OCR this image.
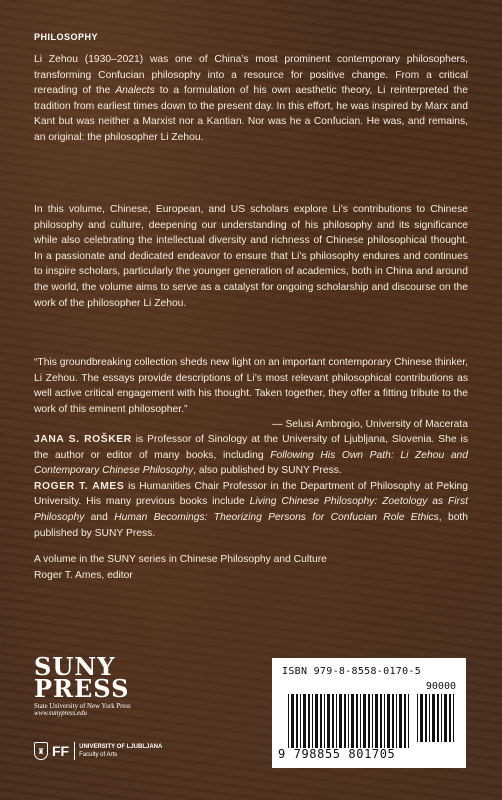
PHILOSOPHY

Li Zehou (1930–2021) was one of China’s most prominent contemporary philosophers, transforming Confucian philosophy into a resource for positive change. From a critical rereading of the Analects to a formulation of his own aesthetic theory, Li reinterpreted the tradition from earliest times down to the present day. In this effort, he was inspired by Marx and Kant but was neither a Marxist nor a Kantian. Nor was he a Confucian. He was, and remains, an original: the philosopher Li Zehou.

In this volume, Chinese, European, and US scholars explore Li’s contributions to Chinese philosophy and culture, deepening our understanding of his philosophy and its significance while also celebrating the intellectual diversity and richness of Chinese philosophical thought. In a passionate and dedicated endeavor to ensure that Li’s philosophy endures and continues to inspire scholars, particularly the younger generation of academics, both in China and around the world, the volume aims to serve as a catalyst for ongoing scholarship and discourse on the work of the philosopher Li Zehou.

“This groundbreaking collection sheds new light on an important contemporary Chinese thinker, Li Zehou. The essays provide descriptions of Li’s most relevant philosophical contributions as well active critical engagement with his thought. Taken together, they offer a fitting tribute to the work of this eminent philosopher.”
— Selusi Ambrogio, University of Macerata

JANA S. ROŠKER is Professor of Sinology at the University of Ljubljana, Slovenia. She is the author or editor of many books, including Following His Own Path: Li Zehou and Contemporary Chinese Philosophy, also published by SUNY Press.
ROGER T. AMES is Humanities Chair Professor in the Department of Philosophy at Peking University. His many previous books include Living Chinese Philosophy: Zoetology as First Philosophy and Human Becomings: Theorizing Persons for Confucian Role Ethics, both published by SUNY Press.

A volume in the SUNY series in Chinese Philosophy and Culture
Roger T. Ames, editor
SUNY
PRESS
State University of New York Press
www.sunypress.edu
♜ FF	UNIVERSITY OF LJUBLJANA
Faculty of Arts
ISBN 979-8-8558-0170-5
90000
9 798855 801705
